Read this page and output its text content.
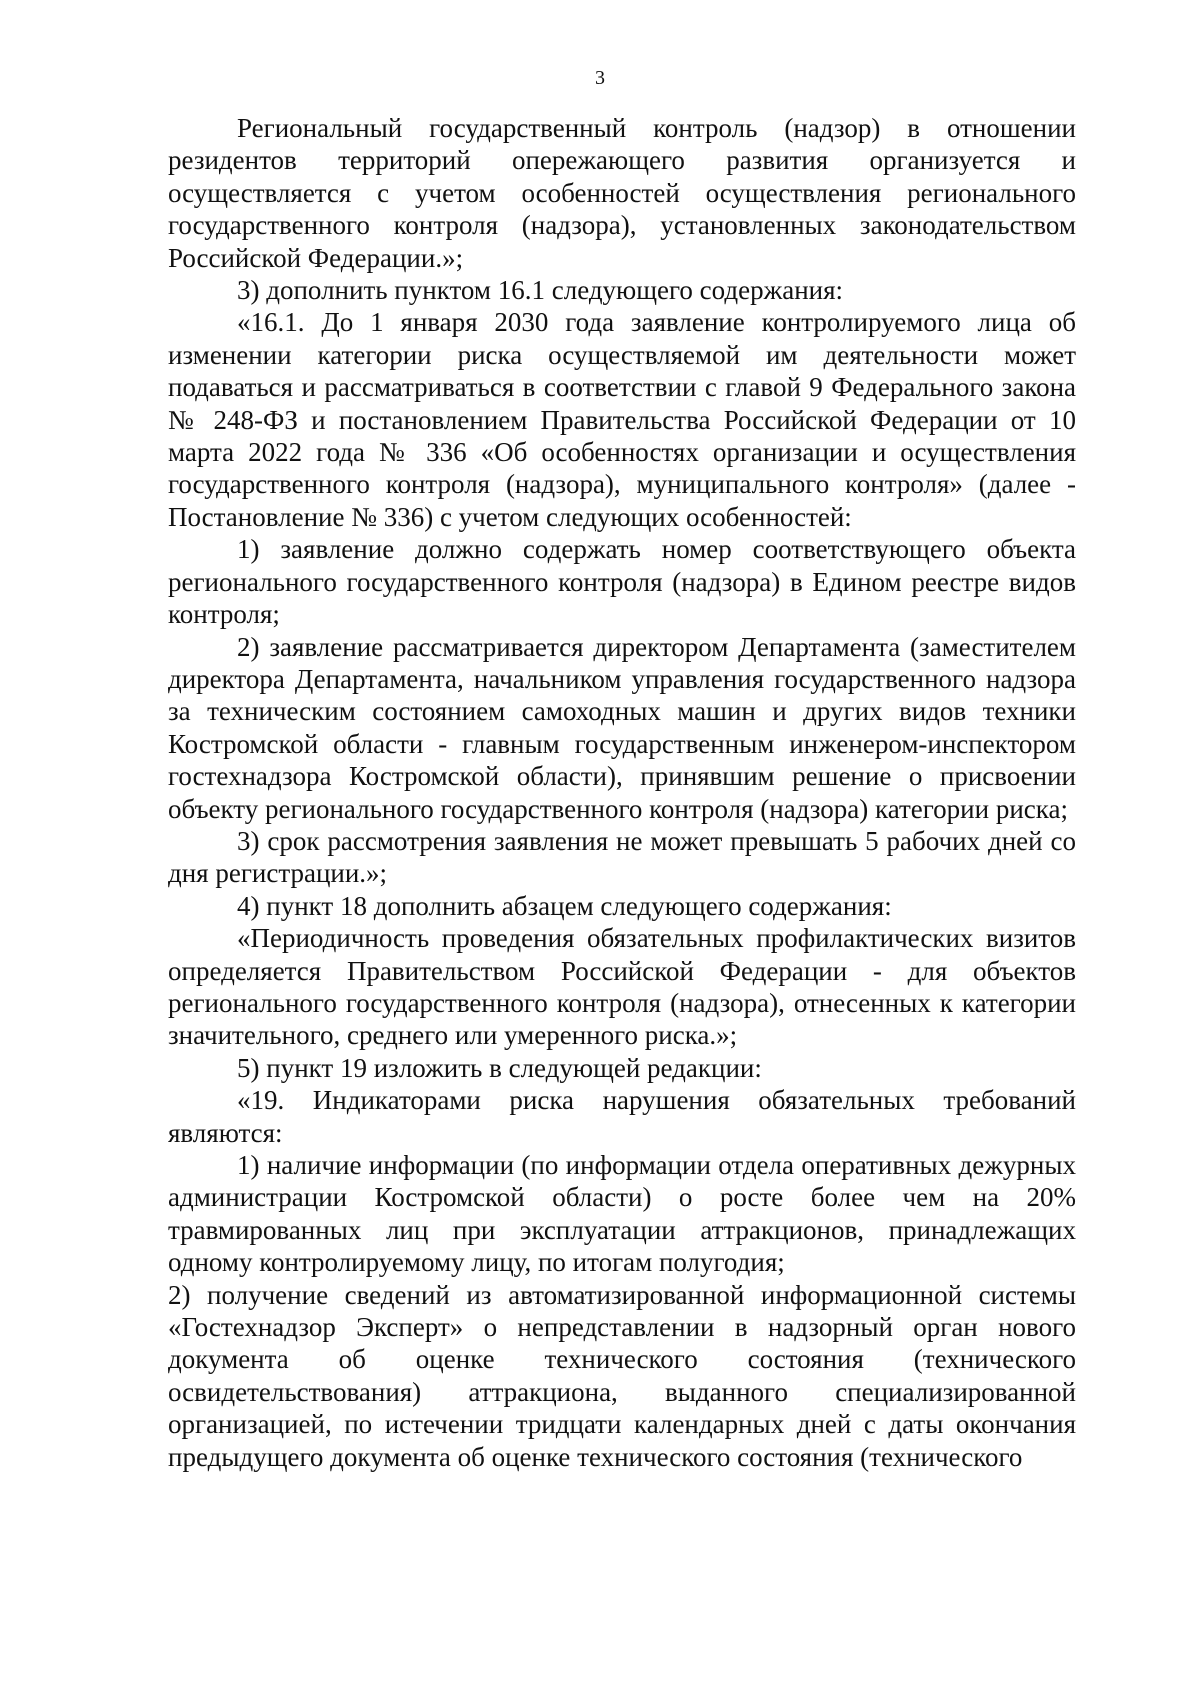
3

Региональный государственный контроль (надзор) в отношении резидентов территорий опережающего развития организуется и осуществляется с учетом особенностей осуществления регионального государственного контроля (надзора), установленных законодательством Российской Федерации.»;

3) дополнить пунктом 16.1 следующего содержания:

«16.1. До 1 января 2030 года заявление контролируемого лица об изменении категории риска осуществляемой им деятельности может подаваться и рассматриваться в соответствии с главой 9 Федерального закона № 248-ФЗ и постановлением Правительства Российской Федерации от 10 марта 2022 года № 336 «Об особенностях организации и осуществления государственного контроля (надзора), муниципального контроля» (далее - Постановление № 336) с учетом следующих особенностей:

1) заявление должно содержать номер соответствующего объекта регионального государственного контроля (надзора) в Едином реестре видов контроля;

2) заявление рассматривается директором Департамента (заместителем директора Департамента, начальником управления государственного надзора за техническим состоянием самоходных машин и других видов техники Костромской области - главным государственным инженером-инспектором гостехнадзора Костромской области), принявшим решение о присвоении объекту регионального государственного контроля (надзора) категории риска;

3) срок рассмотрения заявления не может превышать 5 рабочих дней со дня регистрации.»;

4) пункт 18 дополнить абзацем следующего содержания:

«Периодичность проведения обязательных профилактических визитов определяется Правительством Российской Федерации - для объектов регионального государственного контроля (надзора), отнесенных к категории значительного, среднего или умеренного риска.»;

5) пункт 19 изложить в следующей редакции:

«19. Индикаторами риска нарушения обязательных требований являются:

1) наличие информации (по информации отдела оперативных дежурных администрации Костромской области) о росте более чем на 20% травмированных лиц при эксплуатации аттракционов, принадлежащих одному контролируемому лицу, по итогам полугодия;

2) получение сведений из автоматизированной информационной системы «Гостехнадзор Эксперт» о непредставлении в надзорный орган нового документа об оценке технического состояния (технического освидетельствования) аттракциона, выданного специализированной организацией, по истечении тридцати календарных дней с даты окончания предыдущего документа об оценке технического состояния (технического
